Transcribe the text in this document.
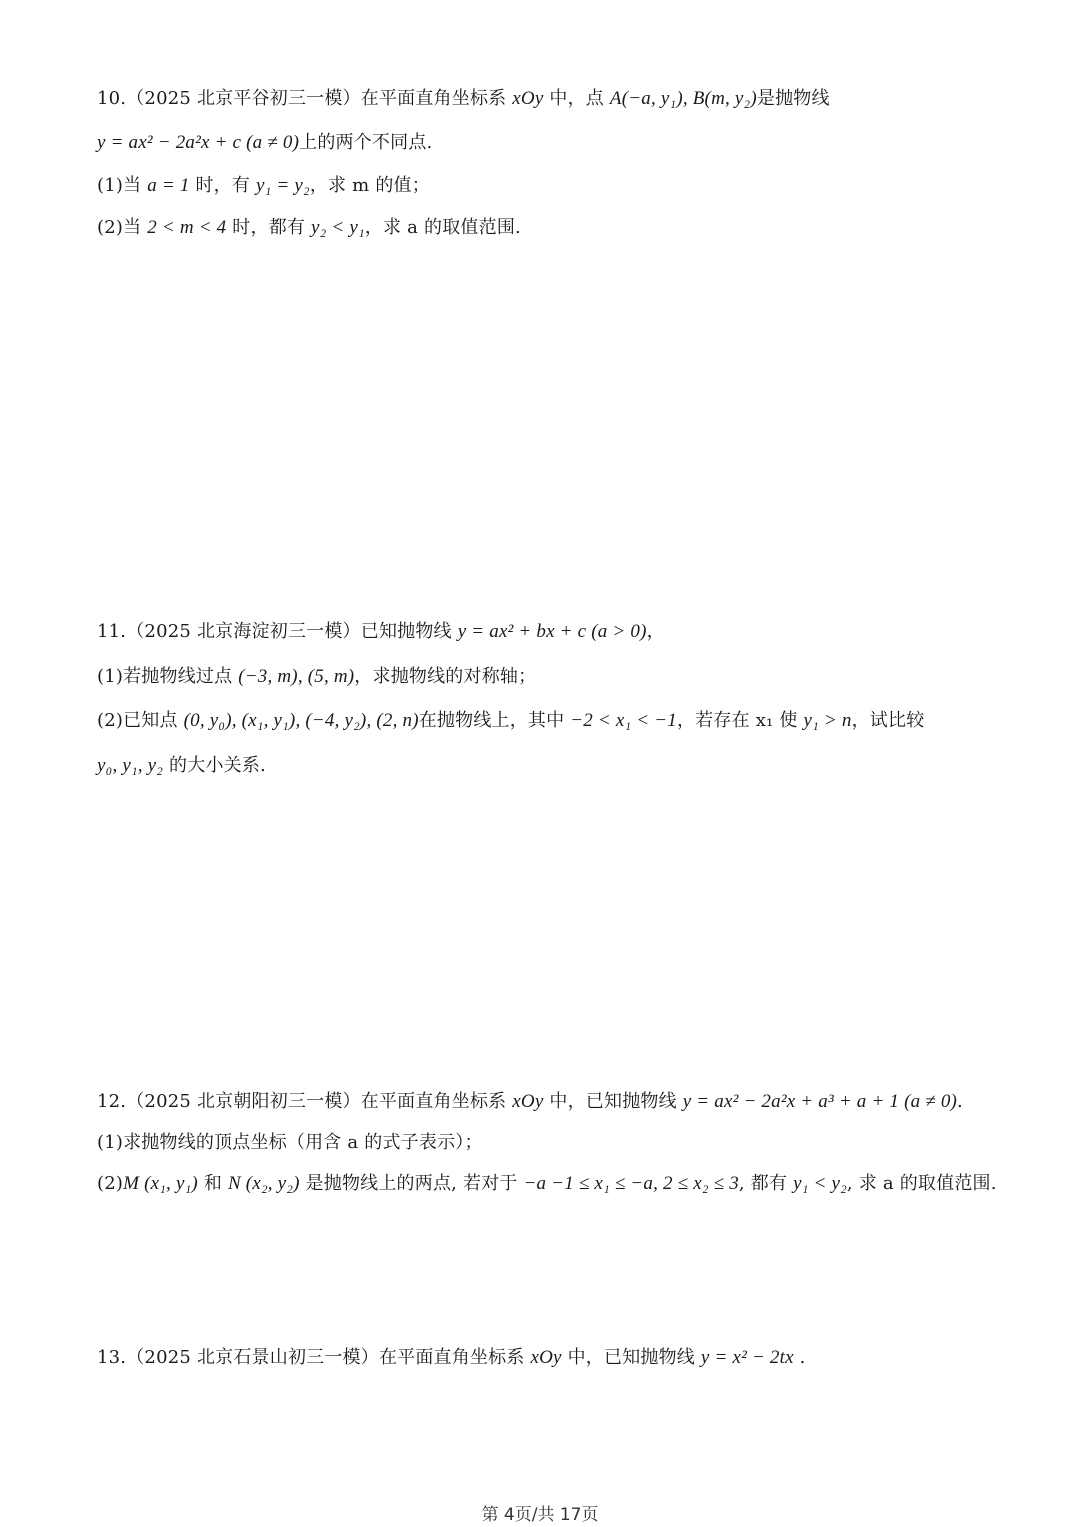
10.（2025 北京平谷初三一模）在平面直角坐标系 xOy 中，点 A(−a, y₁), B(m, y₂)是抛物线
y = ax² − 2a²x + c (a ≠ 0)上的两个不同点.
(1)当 a = 1 时，有 y₁ = y₂，求 m 的值；
(2)当 2 < m < 4 时，都有 y₂ < y₁，求 a 的取值范围.
11.（2025 北京海淀初三一模）已知抛物线 y = ax² + bx + c (a > 0)，
(1)若抛物线过点 (−3, m), (5, m)，求抛物线的对称轴；
(2)已知点 (0, y₀), (x₁, y₁), (−4, y₂), (2, n)在抛物线上，其中 −2 < x₁ < −1，若存在 x₁ 使 y₁ > n，试比较
y₀, y₁, y₂ 的大小关系.
12.（2025 北京朝阳初三一模）在平面直角坐标系 xOy 中，已知抛物线 y = ax² − 2a²x + a³ + a + 1 (a ≠ 0).
(1)求抛物线的顶点坐标（用含 a 的式子表示）；
(2)M (x₁, y₁) 和 N (x₂, y₂) 是抛物线上的两点, 若对于 −a −1 ≤ x₁ ≤ −a, 2 ≤ x₂ ≤ 3, 都有 y₁ < y₂, 求 a 的取值范围.
13.（2025 北京石景山初三一模）在平面直角坐标系 xOy 中，已知抛物线 y = x² − 2tx .
第 4页/共 17页
